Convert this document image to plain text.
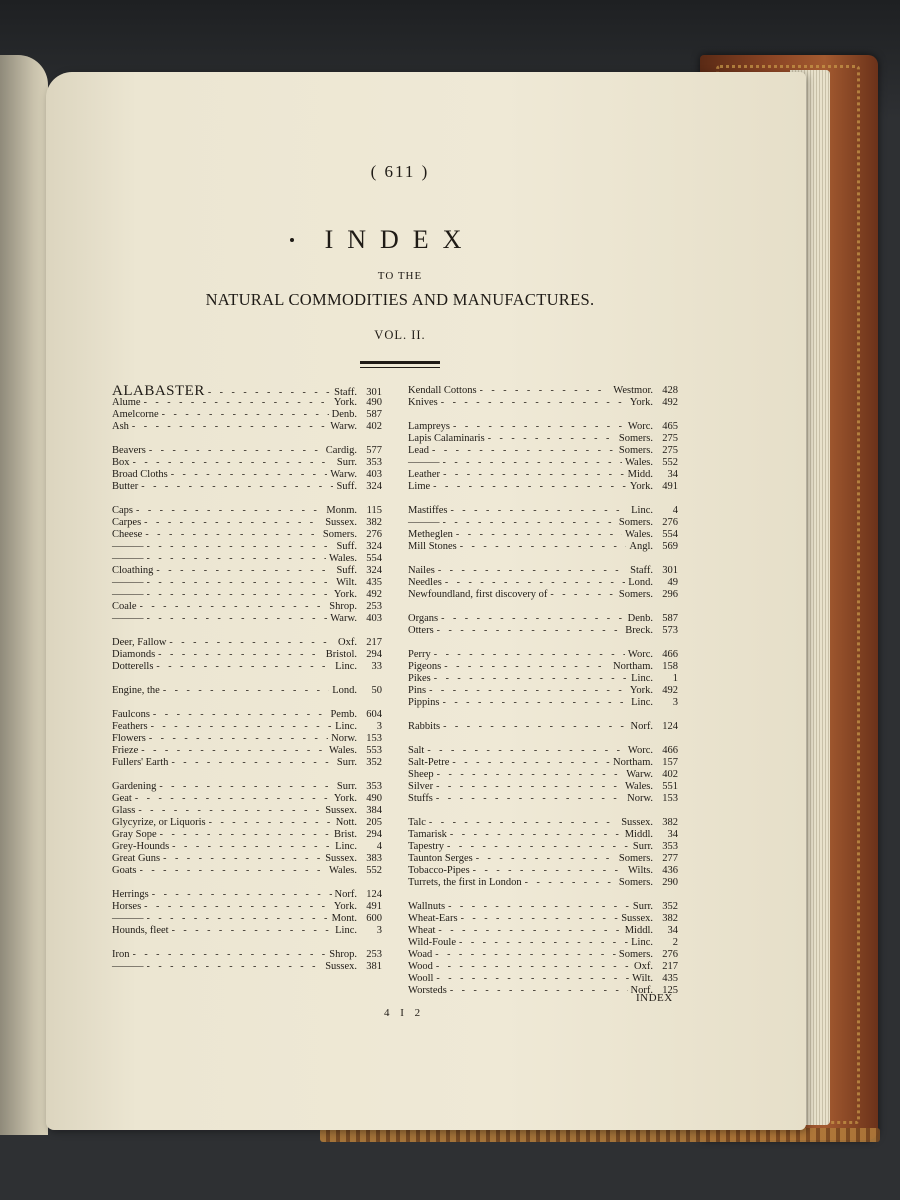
( 611 )
INDEX
TO THE
NATURAL COMMODITIES AND MANUFACTURES.
VOL. II.
ALABASTER - - -	Staff. 301
Alume - - -	York. 490
Amelcorne - - -	Denb. 587
Ash - - -	Warw. 402
Beavers - - -	Cardig. 577
Box - - -	Surr. 353
Broad Cloths - - -	Warw. 403
Butter - - -	Suff. 324
Caps - - -	Monm. 115
Carpes - - -	Sussex. 382
Cheese - - -	Somers. 276
——— - - -	Suff. 324
——— - - -	Wales. 554
Cloathing - - -	Suff. 324
——— - - -	Wilt. 435
——— - - -	York. 492
Coale - - -	Shrop. 253
——— - - -	Warw. 403
Deer, Fallow - - -	Oxf. 217
Diamonds - - -	Bristol. 294
Dotterells - - -	Linc.	33
Engine, the - - -	Lond.	50
Faulcons - - -	Pemb. 604
Feathers - - -	Linc.	3
Flowers - - -	Norw. 153
Frieze - - -	Wales. 553
Fullers' Earth - - -	Surr. 352
Gardening - - -	Surr. 353
Geat - - -	York. 490
Glass - - -	Sussex. 384
Glycyrize, or Liquoris - - -	Nott. 205
Gray Sope - - -	Brist. 294
Grey-Hounds - - -	Linc.	4
Great Guns - - -	Sussex. 383
Goats - - -	Wales. 552
Herrings - - -	Norf. 124
Horses - - -	York. 491
——— - - -	Mont. 600
Hounds, fleet - - -	Linc.	3
Iron - - -	Shrop. 253
——— - - -	Sussex. 381
Kendall Cottons - - -	Westmor. 428
Knives - - -	York. 492
Lampreys - - -	Worc. 465
Lapis Calaminaris - - -	Somers. 275
Lead - - -	Somers. 275
——— - - -	Wales. 552
Leather - - -	Midd.	34
Lime - - -	York. 491
Mastiffes - - -	Linc.	4
——— - - -	Somers. 276
Metheglen - - -	Wales. 554
Mill Stones - - -	Angl. 569
Nailes - - -	Staff. 301
Needles - - -	Lond.	49
Newfoundland, first discovery of - - -	Somers. 296
Organs - - -	Denb. 587
Otters - - -	Breck. 573
Perry - - -	Worc. 466
Pigeons - - -	Northam. 158
Pikes - - -	Linc.	1
Pins - - -	York. 492
Pippins - - -	Linc.	3
Rabbits - - -	Norf. 124
Salt - - -	Worc. 466
Salt-Petre - - -	Northam. 157
Sheep - - -	Warw. 402
Silver - - -	Wales. 551
Stuffs - - -	Norw. 153
Talc - - -	Sussex. 382
Tamarisk - - -	Middl.	34
Tapestry - - -	Surr. 353
Taunton Serges - - -	Somers. 277
Tobacco-Pipes - - -	Wilts. 436
Turrets, the first in London - - -	Somers. 290
Wallnuts - - -	Surr. 352
Wheat-Ears - - -	Sussex. 382
Wheat - - -	Middl.	34
Wild-Foule - - -	Linc.	2
Woad - - -	Somers. 276
Wood - - -	Oxf. 217
Wooll - - -	Wilt. 435
Worsteds - - -	Norf. 125
INDEX
4 I 2
